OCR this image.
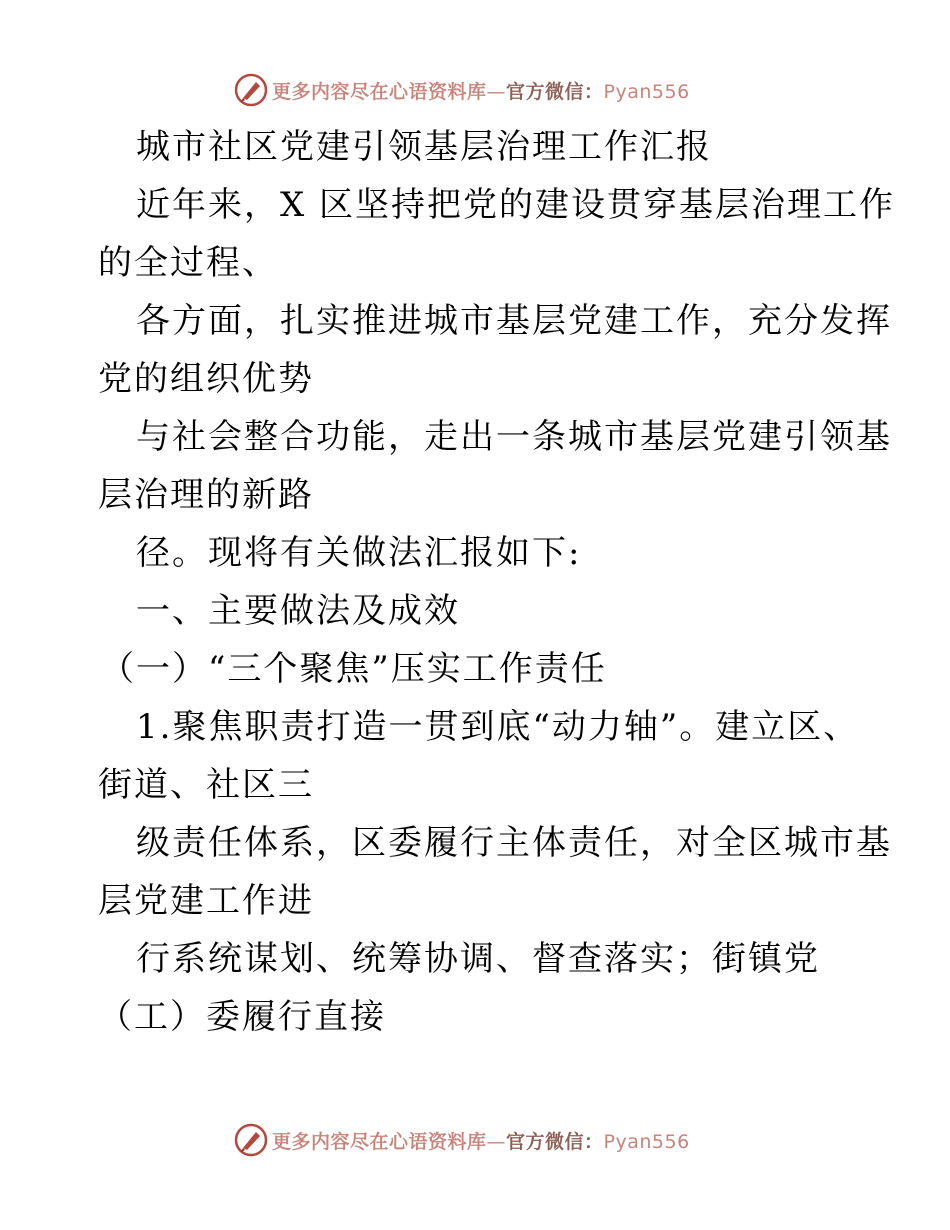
更多内容尽在心语资料库—官方微信：Pyan556
城市社区党建引领基层治理工作汇报
近年来，X 区坚持把党的建设贯穿基层治理工作
的全过程、
各方面，扎实推进城市基层党建工作，充分发挥
党的组织优势
与社会整合功能，走出一条城市基层党建引领基
层治理的新路
径。现将有关做法汇报如下:
一、主要做法及成效
（一）“三个聚焦”压实工作责任
1.聚焦职责打造一贯到底“动力轴”。建立区、
街道、社区三
级责任体系，区委履行主体责任，对全区城市基
层党建工作进
行系统谋划、统筹协调、督查落实；街镇党
（工）委履行直接
更多内容尽在心语资料库—官方微信：Pyan556
